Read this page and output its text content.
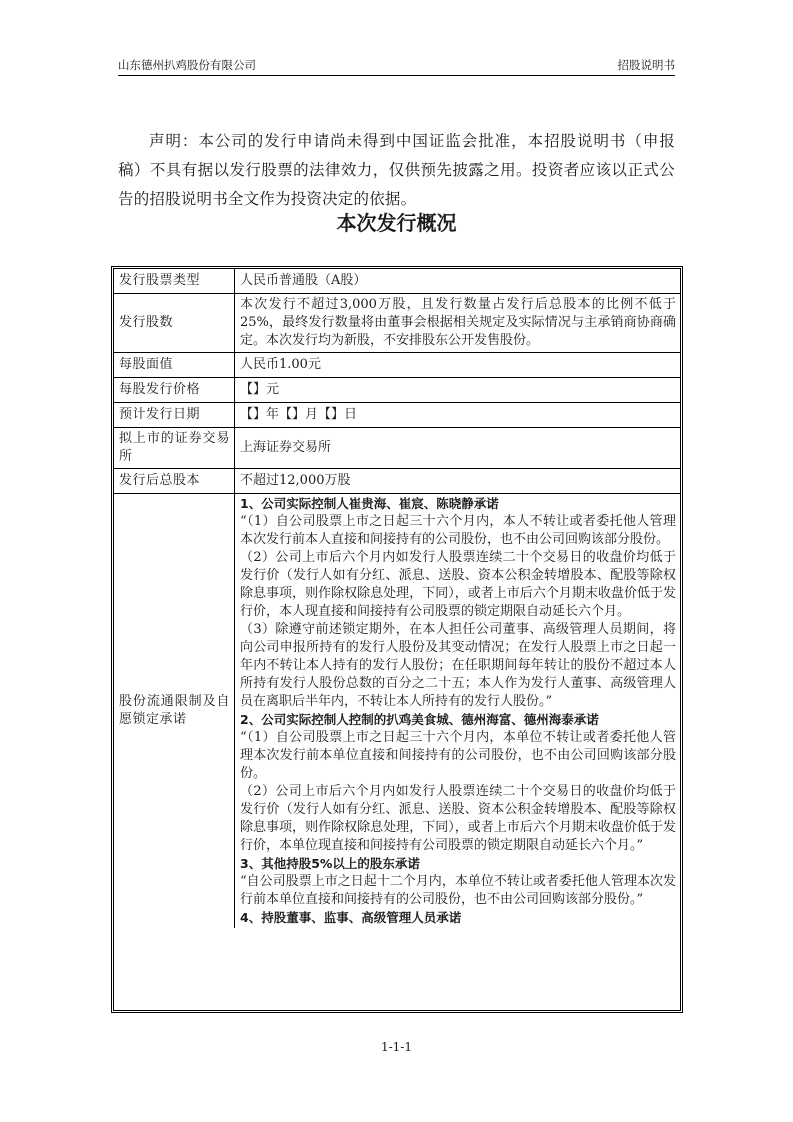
山东德州扒鸡股份有限公司	招股说明书

声明：本公司的发行申请尚未得到中国证监会批准，本招股说明书（申报稿）不具有据以发行股票的法律效力，仅供预先披露之用。投资者应该以正式公告的招股说明书全文作为投资决定的依据。

本次发行概况
发行股票类型	人民币普通股（A股）
发行股数	本次发行不超过3,000万股，且发行数量占发行后总股本的比例不低于25%，最终发行数量将由董事会根据相关规定及实际情况与主承销商协商确定。本次发行均为新股，不安排股东公开发售股份。
每股面值	人民币1.00元
每股发行价格	【】元
预计发行日期	【】年【】月【】日
拟上市的证券交易所	上海证券交易所
发行后总股本	不超过12,000万股
股份流通限制及自愿锁定承诺	

1、公司实际控制人崔贵海、崔宸、陈晓静承诺

“（1）自公司股票上市之日起三十六个月内，本人不转让或者委托他人管理本次发行前本人直接和间接持有的公司股份，也不由公司回购该部分股份。

（2）公司上市后六个月内如发行人股票连续二十个交易日的收盘价均低于发行价（发行人如有分红、派息、送股、资本公积金转增股本、配股等除权除息事项，则作除权除息处理，下同），或者上市后六个月期末收盘价低于发行价，本人现直接和间接持有公司股票的锁定期限自动延长六个月。

（3）除遵守前述锁定期外，在本人担任公司董事、高级管理人员期间，将向公司申报所持有的发行人股份及其变动情况；在发行人股票上市之日起一年内不转让本人持有的发行人股份；在任职期间每年转让的股份不超过本人所持有发行人股份总数的百分之二十五；本人作为发行人董事、高级管理人员在离职后半年内，不转让本人所持有的发行人股份。”

2、公司实际控制人控制的扒鸡美食城、德州海富、德州海泰承诺

“（1）自公司股票上市之日起三十六个月内，本单位不转让或者委托他人管理本次发行前本单位直接和间接持有的公司股份，也不由公司回购该部分股份。

（2）公司上市后六个月内如发行人股票连续二十个交易日的收盘价均低于发行价（发行人如有分红、派息、送股、资本公积金转增股本、配股等除权除息事项，则作除权除息处理，下同），或者上市后六个月期末收盘价低于发行价，本单位现直接和间接持有公司股票的锁定期限自动延长六个月。”

3、其他持股5%以上的股东承诺

“自公司股票上市之日起十二个月内，本单位不转让或者委托他人管理本次发行前本单位直接和间接持有的公司股份，也不由公司回购该部分股份。”

4、持股董事、监事、高级管理人员承诺

1-1-1
